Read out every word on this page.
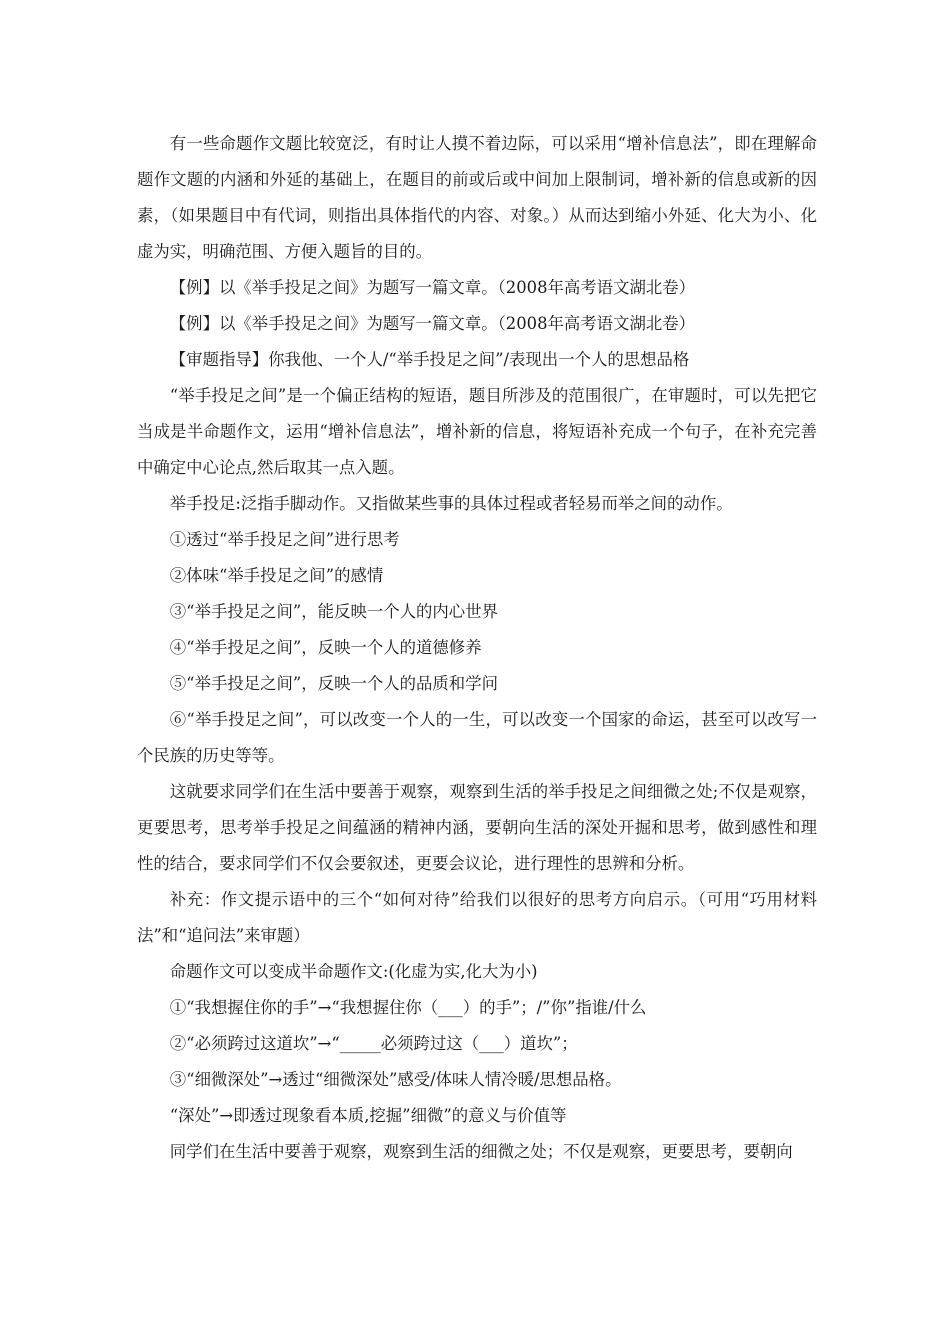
有一些命题作文题比较宽泛，有时让人摸不着边际，可以采用“增补信息法”，即在理解命题作文题的内涵和外延的基础上，在题目的前或后或中间加上限制词，增补新的信息或新的因素，（如果题目中有代词，则指出具体指代的内容、对象。）从而达到缩小外延、化大为小、化虚为实，明确范围、方便入题旨的目的。

【例】以《举手投足之间》为题写一篇文章。（2008年高考语文湖北卷）

【例】以《举手投足之间》为题写一篇文章。（2008年高考语文湖北卷）

【审题指导】你我他、一个人/“举手投足之间”/表现出一个人的思想品格

“举手投足之间”是一个偏正结构的短语，题目所涉及的范围很广，在审题时，可以先把它当成是半命题作文，运用“增补信息法”，增补新的信息，将短语补充成一个句子，在补充完善中确定中心论点,然后取其一点入题。

举手投足:泛指手脚动作。又指做某些事的具体过程或者轻易而举之间的动作。

①透过“举手投足之间”进行思考

②体味“举手投足之间”的感情

③“举手投足之间”，能反映一个人的内心世界

④“举手投足之间”，反映一个人的道德修养

⑤“举手投足之间”，反映一个人的品质和学问

⑥“举手投足之间”，可以改变一个人的一生，可以改变一个国家的命运，甚至可以改写一个民族的历史等等。

这就要求同学们在生活中要善于观察，观察到生活的举手投足之间细微之处;不仅是观察，更要思考，思考举手投足之间蕴涵的精神内涵，要朝向生活的深处开掘和思考，做到感性和理性的结合，要求同学们不仅会要叙述，更要会议论，进行理性的思辨和分析。

补充：作文提示语中的三个“如何对待”给我们以很好的思考方向启示。（可用“巧用材料法”和“追问法”来审题）

命题作文可以变成半命题作文:(化虚为实,化大为小)

①“我想握住你的手”→“我想握住你（___）的手”；/”你”指谁/什么

②“必须跨过这道坎”→“_____必须跨过这（___）道坎”；

③“细微深处”→透过“细微深处”感受/体味人情冷暖/思想品格。

“深处”→即透过现象看本质,挖掘”细微”的意义与价值等

同学们在生活中要善于观察，观察到生活的细微之处；不仅是观察，更要思考，要朝向
